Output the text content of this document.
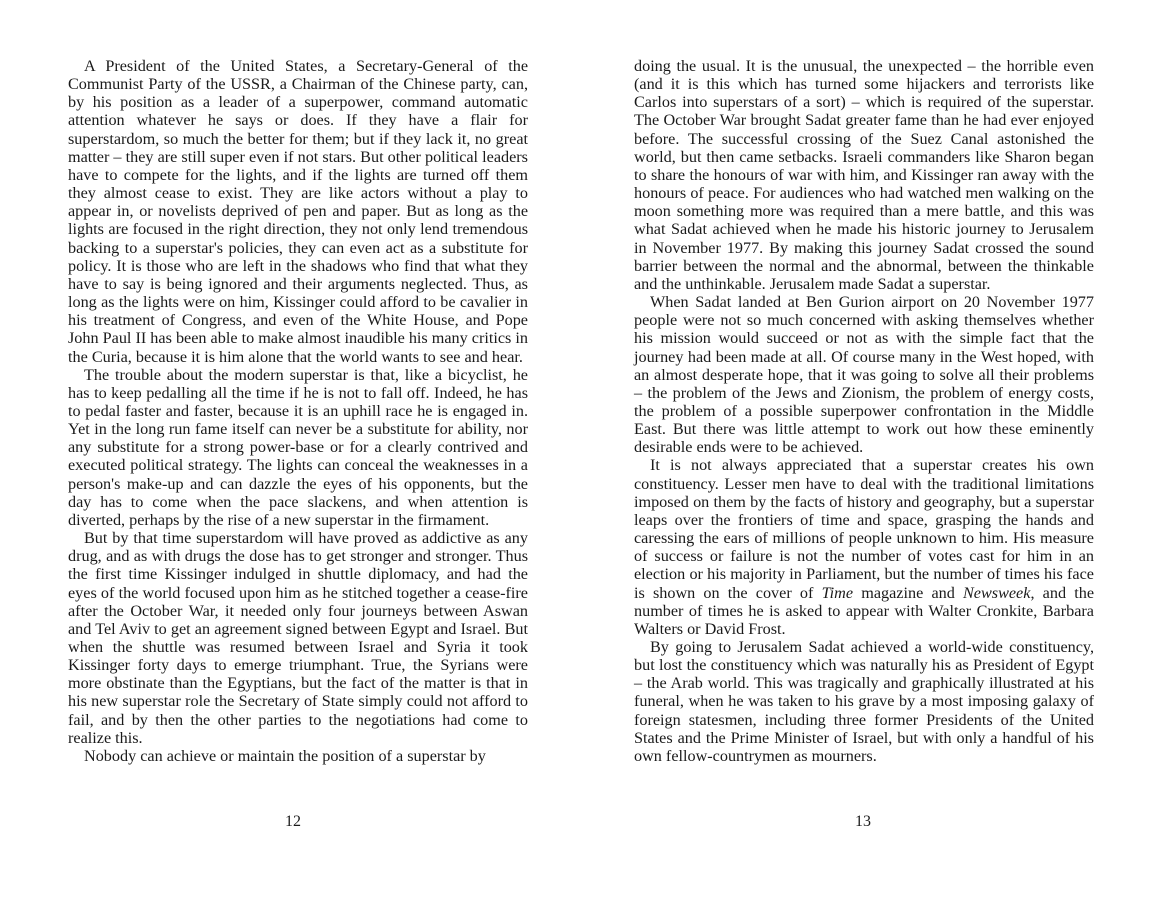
A President of the United States, a Secretary-General of the Communist Party of the USSR, a Chairman of the Chinese party, can, by his position as a leader of a superpower, command automatic attention whatever he says or does. If they have a flair for superstardom, so much the better for them; but if they lack it, no great matter – they are still super even if not stars. But other political leaders have to compete for the lights, and if the lights are turned off them they almost cease to exist. They are like actors without a play to appear in, or novelists deprived of pen and paper. But as long as the lights are focused in the right direction, they not only lend tremendous backing to a superstar's policies, they can even act as a substitute for policy. It is those who are left in the shadows who find that what they have to say is being ignored and their arguments neglected. Thus, as long as the lights were on him, Kissinger could afford to be cavalier in his treatment of Congress, and even of the White House, and Pope John Paul II has been able to make almost inaudible his many critics in the Curia, because it is him alone that the world wants to see and hear.

The trouble about the modern superstar is that, like a bicyclist, he has to keep pedalling all the time if he is not to fall off. Indeed, he has to pedal faster and faster, because it is an uphill race he is engaged in. Yet in the long run fame itself can never be a substitute for ability, nor any substitute for a strong power-base or for a clearly contrived and executed political strategy. The lights can conceal the weaknesses in a person's make-up and can dazzle the eyes of his opponents, but the day has to come when the pace slackens, and when attention is diverted, perhaps by the rise of a new superstar in the firmament.

But by that time superstardom will have proved as addictive as any drug, and as with drugs the dose has to get stronger and stronger. Thus the first time Kissinger indulged in shuttle diplomacy, and had the eyes of the world focused upon him as he stitched together a cease-fire after the October War, it needed only four journeys between Aswan and Tel Aviv to get an agreement signed between Egypt and Israel. But when the shuttle was resumed between Israel and Syria it took Kissinger forty days to emerge triumphant. True, the Syrians were more obstinate than the Egyptians, but the fact of the matter is that in his new superstar role the Secretary of State simply could not afford to fail, and by then the other parties to the negotiations had come to realize this.

Nobody can achieve or maintain the position of a superstar by

12

doing the usual. It is the unusual, the unexpected – the horrible even (and it is this which has turned some hijackers and terrorists like Carlos into superstars of a sort) – which is required of the superstar. The October War brought Sadat greater fame than he had ever enjoyed before. The successful crossing of the Suez Canal astonished the world, but then came setbacks. Israeli commanders like Sharon began to share the honours of war with him, and Kissinger ran away with the honours of peace. For audiences who had watched men walking on the moon something more was required than a mere battle, and this was what Sadat achieved when he made his historic journey to Jerusalem in November 1977. By making this journey Sadat crossed the sound barrier between the normal and the abnormal, between the thinkable and the unthinkable. Jerusalem made Sadat a superstar.

When Sadat landed at Ben Gurion airport on 20 November 1977 people were not so much concerned with asking themselves whether his mission would succeed or not as with the simple fact that the journey had been made at all. Of course many in the West hoped, with an almost desperate hope, that it was going to solve all their problems – the problem of the Jews and Zionism, the problem of energy costs, the problem of a possible superpower confrontation in the Middle East. But there was little attempt to work out how these eminently desirable ends were to be achieved.

It is not always appreciated that a superstar creates his own constituency. Lesser men have to deal with the traditional limitations imposed on them by the facts of history and geography, but a superstar leaps over the frontiers of time and space, grasping the hands and caressing the ears of millions of people unknown to him. His measure of success or failure is not the number of votes cast for him in an election or his majority in Parliament, but the number of times his face is shown on the cover of Time magazine and Newsweek, and the number of times he is asked to appear with Walter Cronkite, Barbara Walters or David Frost.

By going to Jerusalem Sadat achieved a world-wide constituency, but lost the constituency which was naturally his as President of Egypt – the Arab world. This was tragically and graphically illustrated at his funeral, when he was taken to his grave by a most imposing galaxy of foreign statesmen, including three former Presidents of the United States and the Prime Minister of Israel, but with only a handful of his own fellow-countrymen as mourners.

13
